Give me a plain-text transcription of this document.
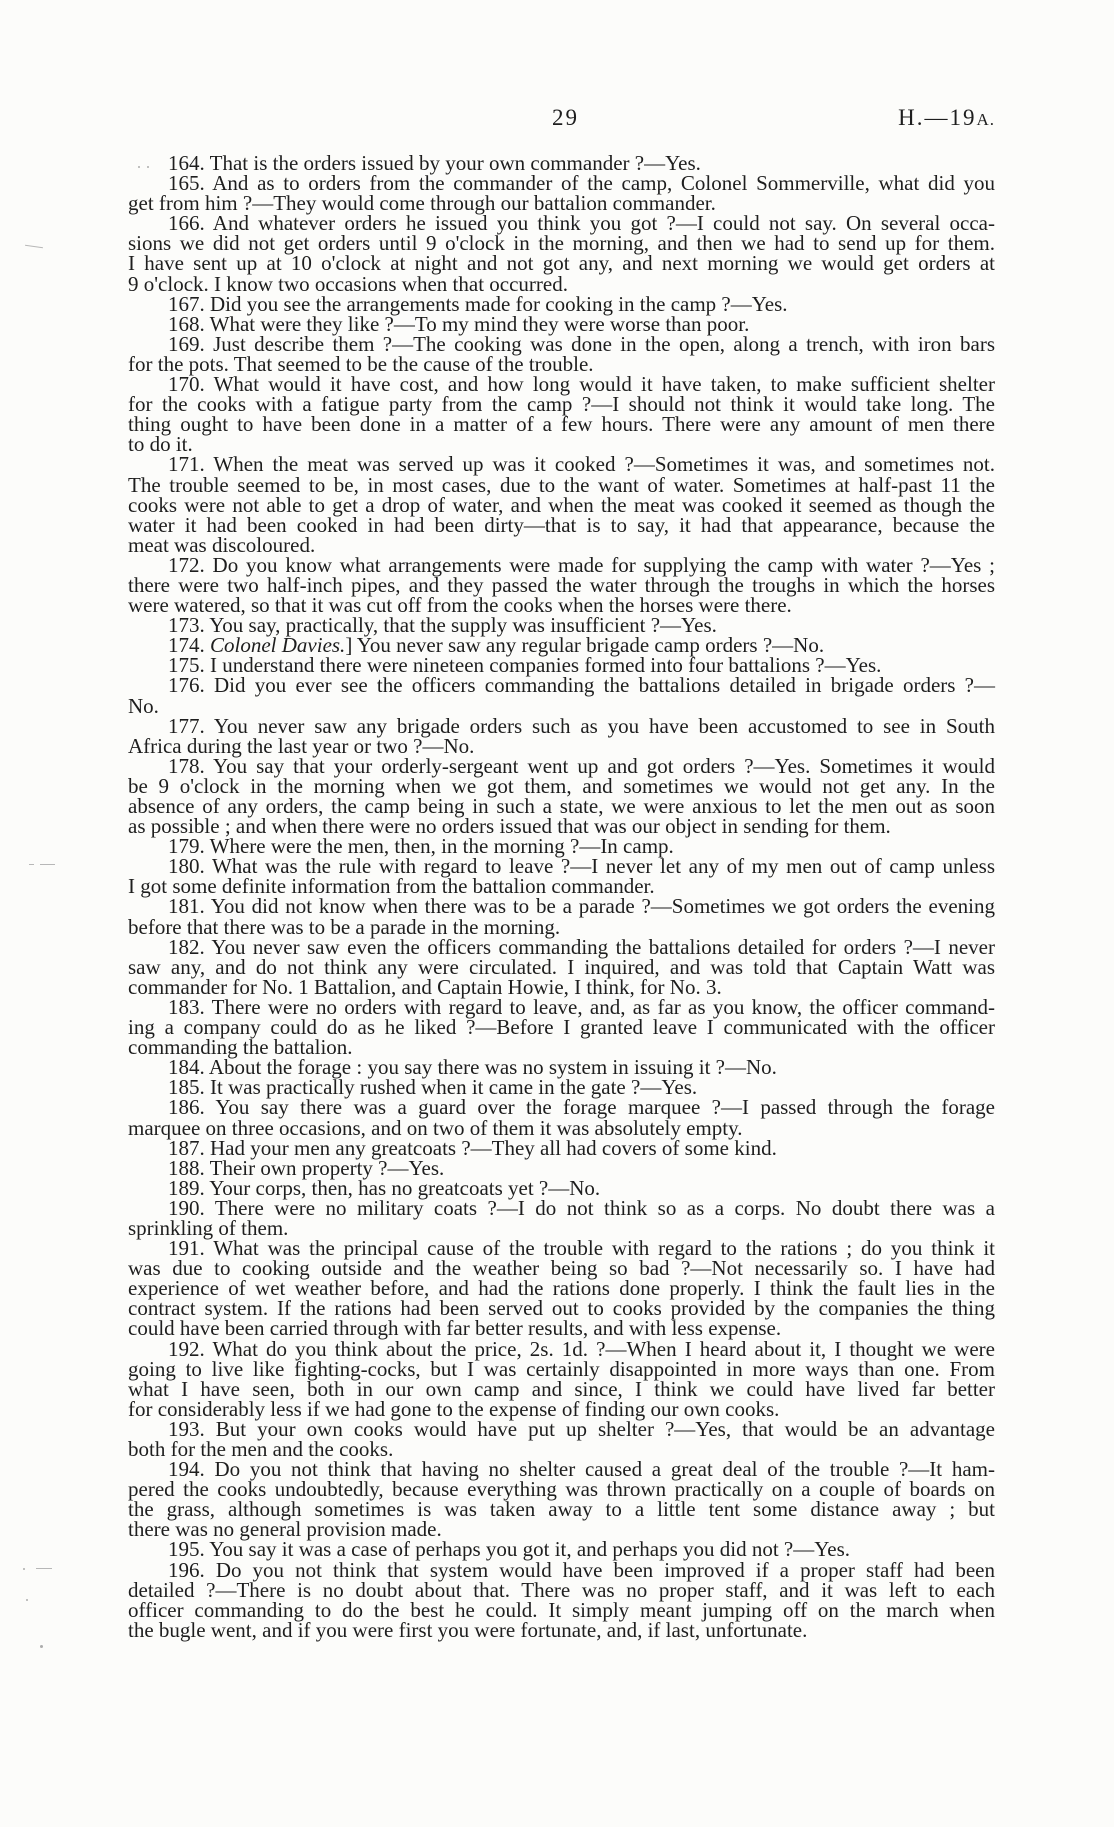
29	H.—19A.
164. That is the orders issued by your own commander ?—Yes.
165. And as to orders from the commander of the camp, Colonel Sommerville, what did you
get from him ?—They would come through our battalion commander.
166. And whatever orders he issued you think you got ?—I could not say. On several occa-
sions we did not get orders until 9 o'clock in the morning, and then we had to send up for them.
I have sent up at 10 o'clock at night and not got any, and next morning we would get orders at
9 o'clock. I know two occasions when that occurred.
167. Did you see the arrangements made for cooking in the camp ?—Yes.
168. What were they like ?—To my mind they were worse than poor.
169. Just describe them ?—The cooking was done in the open, along a trench, with iron bars
for the pots. That seemed to be the cause of the trouble.
170. What would it have cost, and how long would it have taken, to make sufficient shelter
for the cooks with a fatigue party from the camp ?—I should not think it would take long. The
thing ought to have been done in a matter of a few hours. There were any amount of men there
to do it.
171. When the meat was served up was it cooked ?—Sometimes it was, and sometimes not.
The trouble seemed to be, in most cases, due to the want of water. Sometimes at half-past 11 the
cooks were not able to get a drop of water, and when the meat was cooked it seemed as though the
water it had been cooked in had been dirty—that is to say, it had that appearance, because the
meat was discoloured.
172. Do you know what arrangements were made for supplying the camp with water ?—Yes ;
there were two half-inch pipes, and they passed the water through the troughs in which the horses
were watered, so that it was cut off from the cooks when the horses were there.
173. You say, practically, that the supply was insufficient ?—Yes.
174. Colonel Davies.] You never saw any regular brigade camp orders ?—No.
175. I understand there were nineteen companies formed into four battalions ?—Yes.
176. Did you ever see the officers commanding the battalions detailed in brigade orders ?—
No.
177. You never saw any brigade orders such as you have been accustomed to see in South
Africa during the last year or two ?—No.
178. You say that your orderly-sergeant went up and got orders ?—Yes. Sometimes it would
be 9 o'clock in the morning when we got them, and sometimes we would not get any. In the
absence of any orders, the camp being in such a state, we were anxious to let the men out as soon
as possible ; and when there were no orders issued that was our object in sending for them.
179. Where were the men, then, in the morning ?—In camp.
180. What was the rule with regard to leave ?—I never let any of my men out of camp unless
I got some definite information from the battalion commander.
181. You did not know when there was to be a parade ?—Sometimes we got orders the evening
before that there was to be a parade in the morning.
182. You never saw even the officers commanding the battalions detailed for orders ?—I never
saw any, and do not think any were circulated. I inquired, and was told that Captain Watt was
commander for No. 1 Battalion, and Captain Howie, I think, for No. 3.
183. There were no orders with regard to leave, and, as far as you know, the officer command-
ing a company could do as he liked ?—Before I granted leave I communicated with the officer
commanding the battalion.
184. About the forage : you say there was no system in issuing it ?—No.
185. It was practically rushed when it came in the gate ?—Yes.
186. You say there was a guard over the forage marquee ?—I passed through the forage
marquee on three occasions, and on two of them it was absolutely empty.
187. Had your men any greatcoats ?—They all had covers of some kind.
188. Their own property ?—Yes.
189. Your corps, then, has no greatcoats yet ?—No.
190. There were no military coats ?—I do not think so as a corps. No doubt there was a
sprinkling of them.
191. What was the principal cause of the trouble with regard to the rations ; do you think it
was due to cooking outside and the weather being so bad ?—Not necessarily so. I have had
experience of wet weather before, and had the rations done properly. I think the fault lies in the
contract system. If the rations had been served out to cooks provided by the companies the thing
could have been carried through with far better results, and with less expense.
192. What do you think about the price, 2s. 1d. ?—When I heard about it, I thought we were
going to live like fighting-cocks, but I was certainly disappointed in more ways than one. From
what I have seen, both in our own camp and since, I think we could have lived far better
for considerably less if we had gone to the expense of finding our own cooks.
193. But your own cooks would have put up shelter ?—Yes, that would be an advantage
both for the men and the cooks.
194. Do you not think that having no shelter caused a great deal of the trouble ?—It ham-
pered the cooks undoubtedly, because everything was thrown practically on a couple of boards on
the grass, although sometimes is was taken away to a little tent some distance away ; but
there was no general provision made.
195. You say it was a case of perhaps you got it, and perhaps you did not ?—Yes.
196. Do you not think that system would have been improved if a proper staff had been
detailed ?—There is no doubt about that. There was no proper staff, and it was left to each
officer commanding to do the best he could. It simply meant jumping off on the march when
the bugle went, and if you were first you were fortunate, and, if last, unfortunate.
